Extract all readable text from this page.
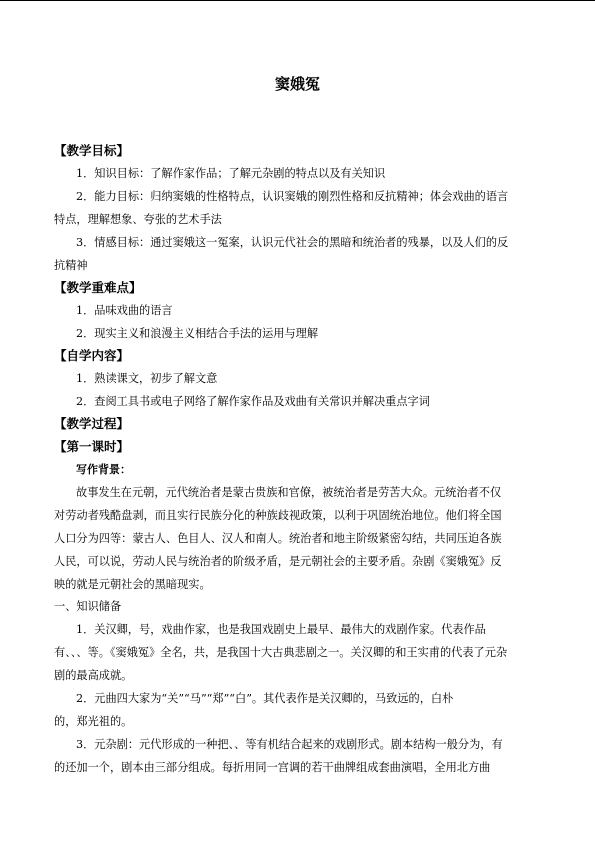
窦娥冤
【教学目标】
1．知识目标：了解作家作品；了解元杂剧的特点以及有关知识
2．能力目标：归纳窦娥的性格特点，认识窦娥的刚烈性格和反抗精神；体会戏曲的语言
特点，理解想象、夸张的艺术手法
3．情感目标：通过窦娥这一冤案，认识元代社会的黑暗和统治者的残暴，以及人们的反
抗精神
【教学重难点】
1．品味戏曲的语言
2．现实主义和浪漫主义相结合手法的运用与理解
【自学内容】
1．熟读课文，初步了解文意
2．查阅工具书或电子网络了解作家作品及戏曲有关常识并解决重点字词
【教学过程】
【第一课时】
写作背景：
故事发生在元朝，元代统治者是蒙古贵族和官僚，被统治者是劳苦大众。元统治者不仅
对劳动者残酷盘剥，而且实行民族分化的种族歧视政策，以利于巩固统治地位。他们将全国
人口分为四等：蒙古人、色目人、汉人和南人。统治者和地主阶级紧密勾结，共同压迫各族
人民，可以说，劳动人民与统治者的阶级矛盾，是元朝社会的主要矛盾。杂剧《窦娥冤》反
映的就是元朝社会的黑暗现实。
一、知识储备
1．关汉卿，号，戏曲作家，也是我国戏剧史上最早、最伟大的戏剧作家。代表作品
有、、、等。《窦娥冤》全名，共，是我国十大古典悲剧之一。关汉卿的和王实甫的代表了元杂
剧的最高成就。
2．元曲四大家为“关”“马”“郑”“白”。其代表作是关汉卿的，马致远的，白朴
的，郑光祖的。
3．元杂剧：元代形成的一种把、、等有机结合起来的戏剧形式。剧本结构一般分为，有
的还加一个，剧本由三部分组成。每折用同一宫调的若干曲牌组成套曲演唱，全用北方曲
